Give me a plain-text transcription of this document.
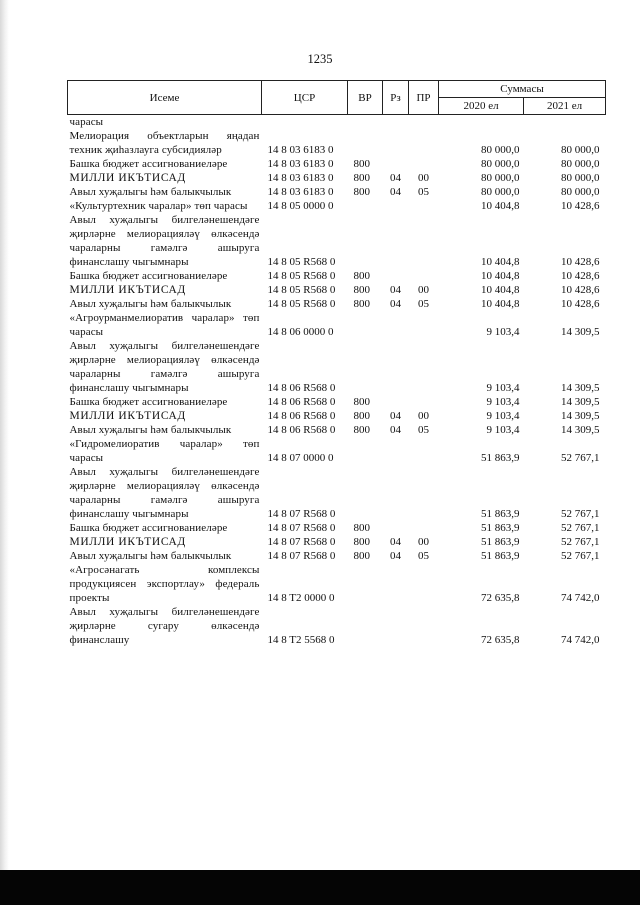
1235
Исеме	ЦСР	ВР	Рз	ПР	Суммасы	
					2020 ел	2021 ел
чарасы						
Мелиорация объектларын яңадан техник җиһазлауга субсидияләр	14 8 03 6183 0				80 000,0	80 000,0
Башка бюджет ассигнованиеләре	14 8 03 6183 0	800			80 000,0	80 000,0
МИЛЛИ ИКЪТИСАД	14 8 03 6183 0	800	04	00	80 000,0	80 000,0
Авыл хуҗалыгы һәм балыкчылык	14 8 03 6183 0	800	04	05	80 000,0	80 000,0
«Культуртехник чаралар» төп чарасы	14 8 05 0000 0				10 404,8	10 428,6
Авыл хуҗалыгы билгеләнешендәге җирләрне мелиорацияләү өлкәсендә чараларны гамәлгә ашыруга финанслашу чыгымнары	14 8 05 R568 0				10 404,8	10 428,6
Башка бюджет ассигнованиеләре	14 8 05 R568 0	800			10 404,8	10 428,6
МИЛЛИ ИКЪТИСАД	14 8 05 R568 0	800	04	00	10 404,8	10 428,6
Авыл хуҗалыгы һәм балыкчылык	14 8 05 R568 0	800	04	05	10 404,8	10 428,6
«Агроурманмелиоратив чаралар» төп чарасы	14 8 06 0000 0				9 103,4	14 309,5
Авыл хуҗалыгы билгеләнешендәге җирләрне мелиорацияләү өлкәсендә чараларны гамәлгә ашыруга финанслашу чыгымнары	14 8 06 R568 0				9 103,4	14 309,5
Башка бюджет ассигнованиеләре	14 8 06 R568 0	800			9 103,4	14 309,5
МИЛЛИ ИКЪТИСАД	14 8 06 R568 0	800	04	00	9 103,4	14 309,5
Авыл хуҗалыгы һәм балыкчылык	14 8 06 R568 0	800	04	05	9 103,4	14 309,5
«Гидромелиоратив чаралар» төп чарасы	14 8 07 0000 0				51 863,9	52 767,1
Авыл хуҗалыгы билгеләнешендәге җирләрне мелиорацияләү өлкәсендә чараларны гамәлгә ашыруга финанслашу чыгымнары	14 8 07 R568 0				51 863,9	52 767,1
Башка бюджет ассигнованиеләре	14 8 07 R568 0	800			51 863,9	52 767,1
МИЛЛИ ИКЪТИСАД	14 8 07 R568 0	800	04	00	51 863,9	52 767,1
Авыл хуҗалыгы һәм балыкчылык	14 8 07 R568 0	800	04	05	51 863,9	52 767,1
«Агросәнагать комплексы продукциясен экспортлау» федераль проекты	14 8 T2 0000 0				72 635,8	74 742,0
Авыл хуҗалыгы билгеләнешендәге җирләрне сугару өлкәсендә финанслашу	14 8 T2 5568 0				72 635,8	74 742,0
